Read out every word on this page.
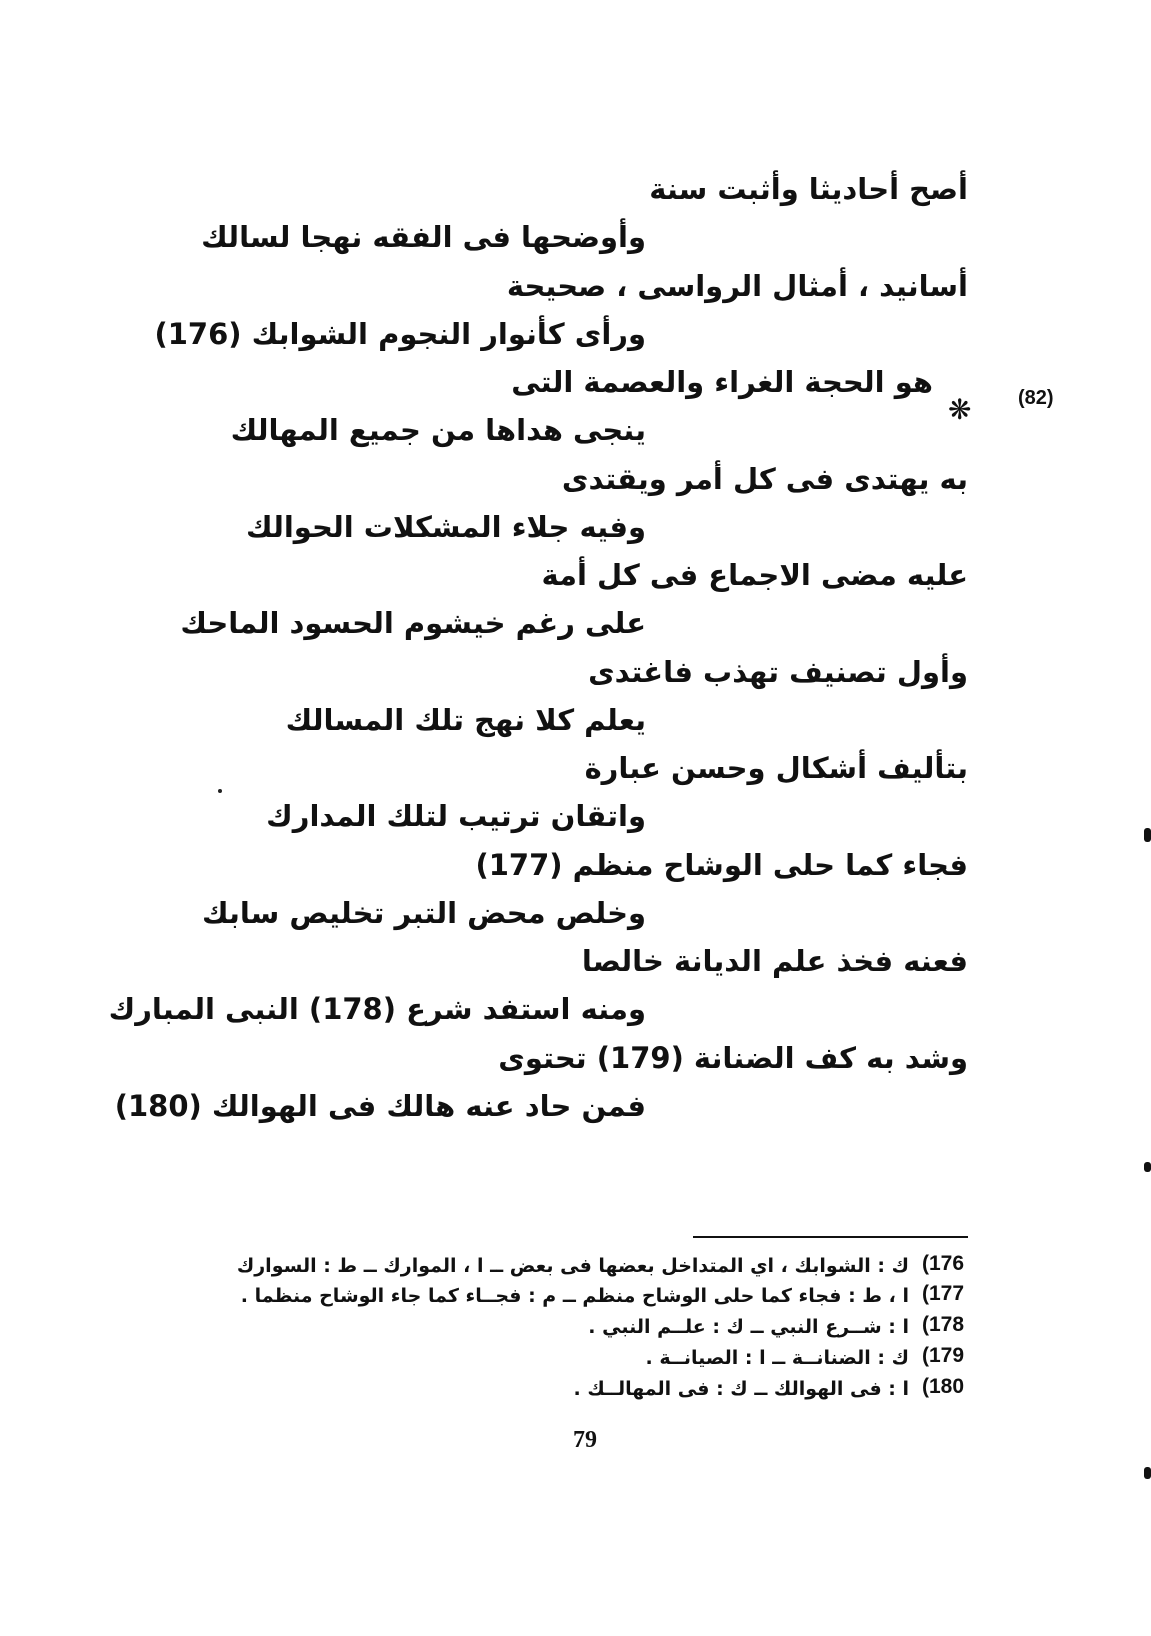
(82)
❋
أصح أحاديثا وأثبت سنة
وأوضحها فى الفقه نهجا لسالك
أسانيد ، أمثال الرواسى ، صحيحة
ورأى كأنوار النجوم الشوابك (176)
هو الحجة الغراء والعصمة التى
ينجى هداها من جميع المهالك
به يهتدى فى كل أمر ويقتدى
وفيه جلاء المشكلات الحوالك
عليه مضى الاجماع فى كل أمة
على رغم خيشوم الحسود الماحك
وأول تصنيف تهذب فاغتدى
يعلم كلا نهج تلك المسالك
بتأليف أشكال وحسن عبارة
واتقان ترتيب لتلك المدارك
فجاء كما حلى الوشاح منظم (177)
وخلص محض التبر تخليص سابك
فعنه فخذ علم الديانة خالصا
ومنه استفد شرع (178) النبى المبارك
وشد به كف الضنانة (179) تحتوى
فمن حاد عنه هالك فى الهوالك (180)
(176
ك : الشوابك ، اي المتداخل بعضها فى بعض ــ ا ، الموارك ــ ط : السوارك
(177
ا ، ط : فجاء كما حلى الوشاح منظم ــ م : فجــاء كما جاء الوشاح منظما .
(178
ا : شــرع النبي ــ ك : علــم النبي .
(179
ك : الضنانــة ــ ا : الصيانــة .
(180
ا : فى الهوالك ــ ك : فى المهالــك .
79
